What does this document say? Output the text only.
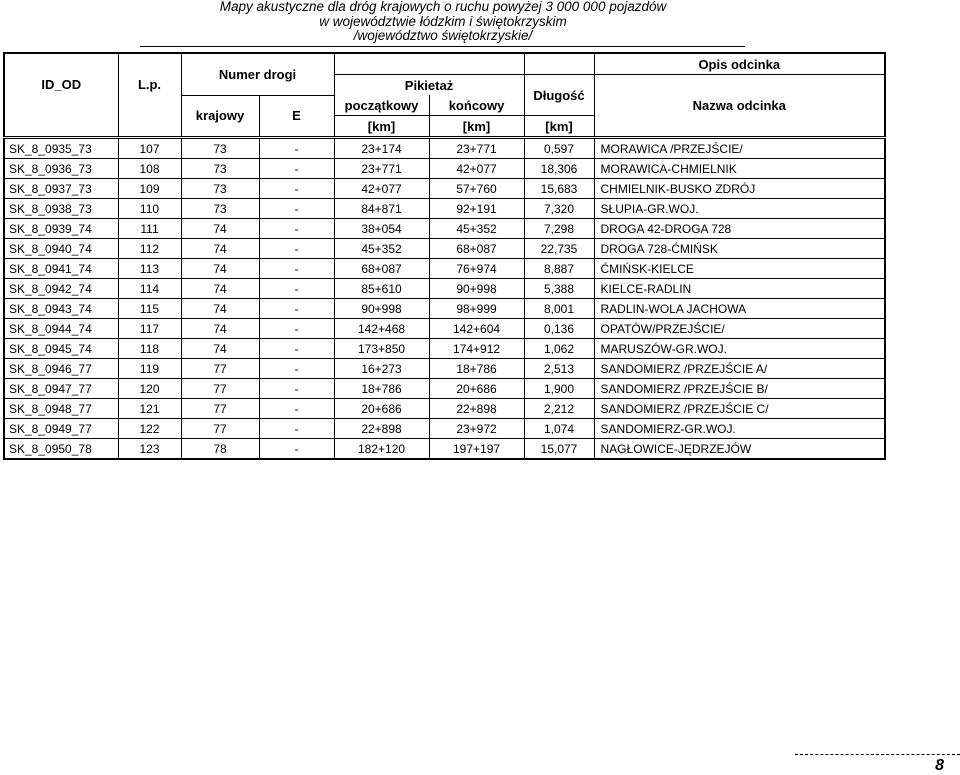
Mapy akustyczne dla dróg krajowych o ruchu powyżej 3 000 000 pojazdów
w województwie łódzkim i świętokrzyskim
/województwo świętokrzyskie/
		Numer drogi					Opis odcinka
ID_OD	L.p.			Pikietaż		Długość	Nazwa odcinka
		krajowy	E	początkowy	końcowy		
				[km]	[km]	[km]	
SK_8_0935_73	107	73	-	23+174	23+771	0,597	MORAWICA /PRZEJŚCIE/
SK_8_0936_73	108	73	-	23+771	42+077	18,306	MORAWICA-CHMIELNIK
SK_8_0937_73	109	73	-	42+077	57+760	15,683	CHMIELNIK-BUSKO ZDRÓJ
SK_8_0938_73	110	73	-	84+871	92+191	7,320	SŁUPIA-GR.WOJ.
SK_8_0939_74	111	74	-	38+054	45+352	7,298	DROGA 42-DROGA 728
SK_8_0940_74	112	74	-	45+352	68+087	22,735	DROGA 728-ĆMIŃSK
SK_8_0941_74	113	74	-	68+087	76+974	8,887	ĆMIŃSK-KIELCE
SK_8_0942_74	114	74	-	85+610	90+998	5,388	KIELCE-RADLIN
SK_8_0943_74	115	74	-	90+998	98+999	8,001	RADLIN-WOLA JACHOWA
SK_8_0944_74	117	74	-	142+468	142+604	0,136	OPATÓW/PRZEJŚCIE/
SK_8_0945_74	118	74	-	173+850	174+912	1,062	MARUSZÓW-GR.WOJ.
SK_8_0946_77	119	77	-	16+273	18+786	2,513	SANDOMIERZ /PRZEJŚCIE A/
SK_8_0947_77	120	77	-	18+786	20+686	1,900	SANDOMIERZ /PRZEJŚCIE B/
SK_8_0948_77	121	77	-	20+686	22+898	2,212	SANDOMIERZ /PRZEJŚCIE C/
SK_8_0949_77	122	77	-	22+898	23+972	1,074	SANDOMIERZ-GR.WOJ.
SK_8_0950_78	123	78	-	182+120	197+197	15,077	NAGŁOWICE-JĘDRZEJÓW
8
